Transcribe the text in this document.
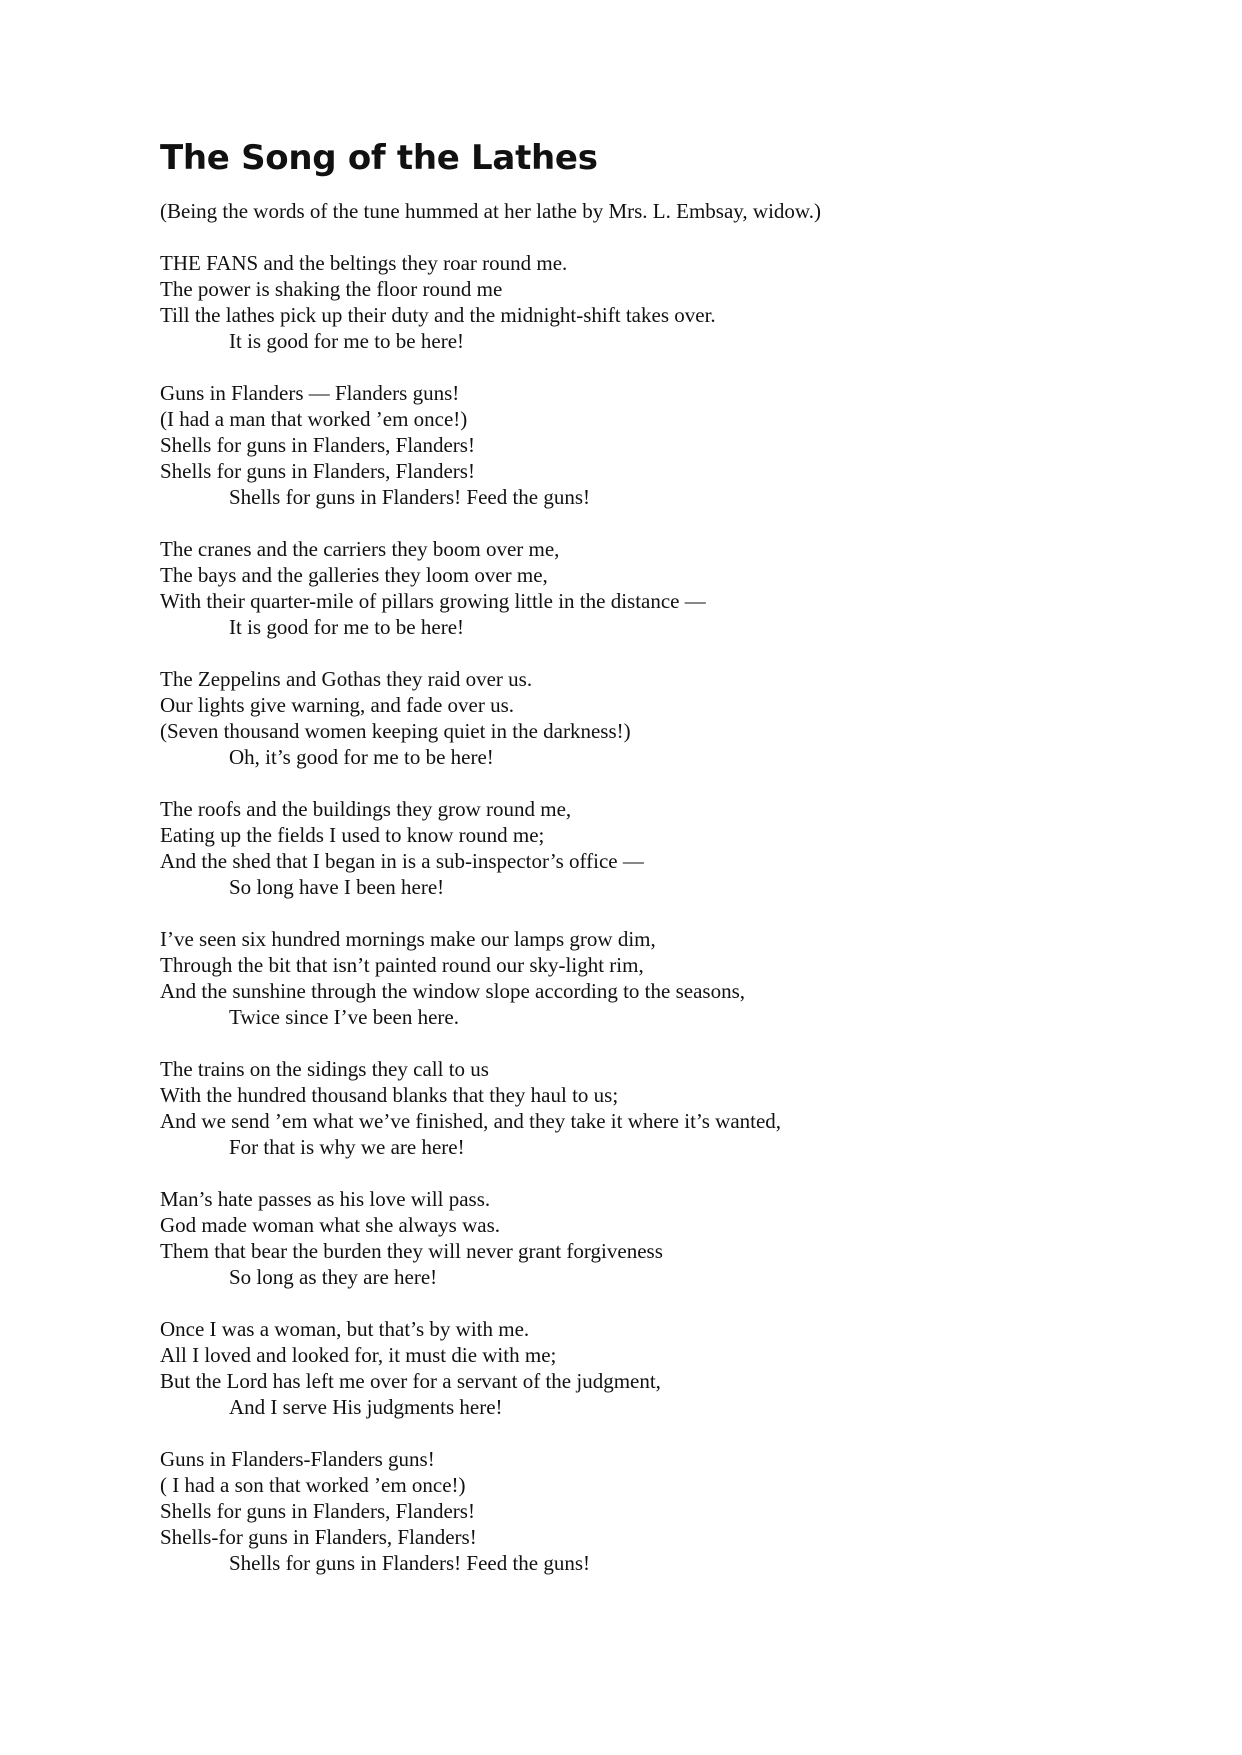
The Song of the Lathes

(Being the words of the tune hummed at her lathe by Mrs. L. Embsay, widow.)

THE FANS and the beltings they roar round me.
The power is shaking the floor round me
Till the lathes pick up their duty and the midnight-shift takes over.
It is good for me to be here!
Guns in Flanders — Flanders guns!
(I had a man that worked ’em once!)
Shells for guns in Flanders, Flanders!
Shells for guns in Flanders, Flanders!
Shells for guns in Flanders! Feed the guns!
The cranes and the carriers they boom over me,
The bays and the galleries they loom over me,
With their quarter-mile of pillars growing little in the distance —
It is good for me to be here!
The Zeppelins and Gothas they raid over us.
Our lights give warning, and fade over us.
(Seven thousand women keeping quiet in the darkness!)
Oh, it’s good for me to be here!
The roofs and the buildings they grow round me,
Eating up the fields I used to know round me;
And the shed that I began in is a sub-inspector’s office —
So long have I been here!
I’ve seen six hundred mornings make our lamps grow dim,
Through the bit that isn’t painted round our sky-light rim,
And the sunshine through the window slope according to the seasons,
Twice since I’ve been here.
The trains on the sidings they call to us
With the hundred thousand blanks that they haul to us;
And we send ’em what we’ve finished, and they take it where it’s wanted,
For that is why we are here!
Man’s hate passes as his love will pass.
God made woman what she always was.
Them that bear the burden they will never grant forgiveness
So long as they are here!
Once I was a woman, but that’s by with me.
All I loved and looked for, it must die with me;
But the Lord has left me over for a servant of the judgment,
And I serve His judgments here!
Guns in Flanders-Flanders guns!
( I had a son that worked ’em once!)
Shells for guns in Flanders, Flanders!
Shells-for guns in Flanders, Flanders!
Shells for guns in Flanders! Feed the guns!
